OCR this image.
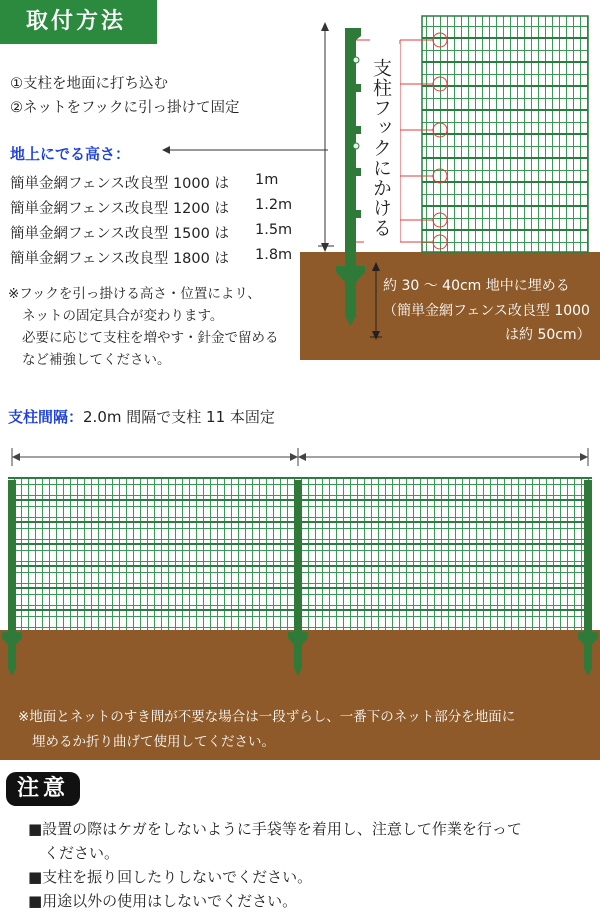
取付方法
①支柱を地面に打ち込む
②ネットをフックに引っ掛けて固定
地上にでる高さ：
簡単金網フェンス改良型 1000 は 1m
簡単金網フェンス改良型 1200 は 1.2m
簡単金網フェンス改良型 1500 は 1.5m
簡単金網フェンス改良型 1800 は 1.8m
※フックを引っ掛ける高さ・位置によリ、
ネットの固定具合が変わります。
必要に応じて支柱を増やす・針金で留める
など補強してください。
支柱フックにかける
約 30 ～ 40cm 地中に埋める
（簡単金網フェンス改良型 1000
は約 50cm）
支柱間隔：2.0m 間隔で支柱 11 本固定
※地面とネットのすき間が不要な場合は一段ずらし、一番下のネット部分を地面に
埋めるか折り曲げて使用してください。
注意
■設置の際はケガをしないように手袋等を着用し、注意して作業を行って
ください。
■支柱を振り回したりしないでください。
■用途以外の使用はしないでください。
